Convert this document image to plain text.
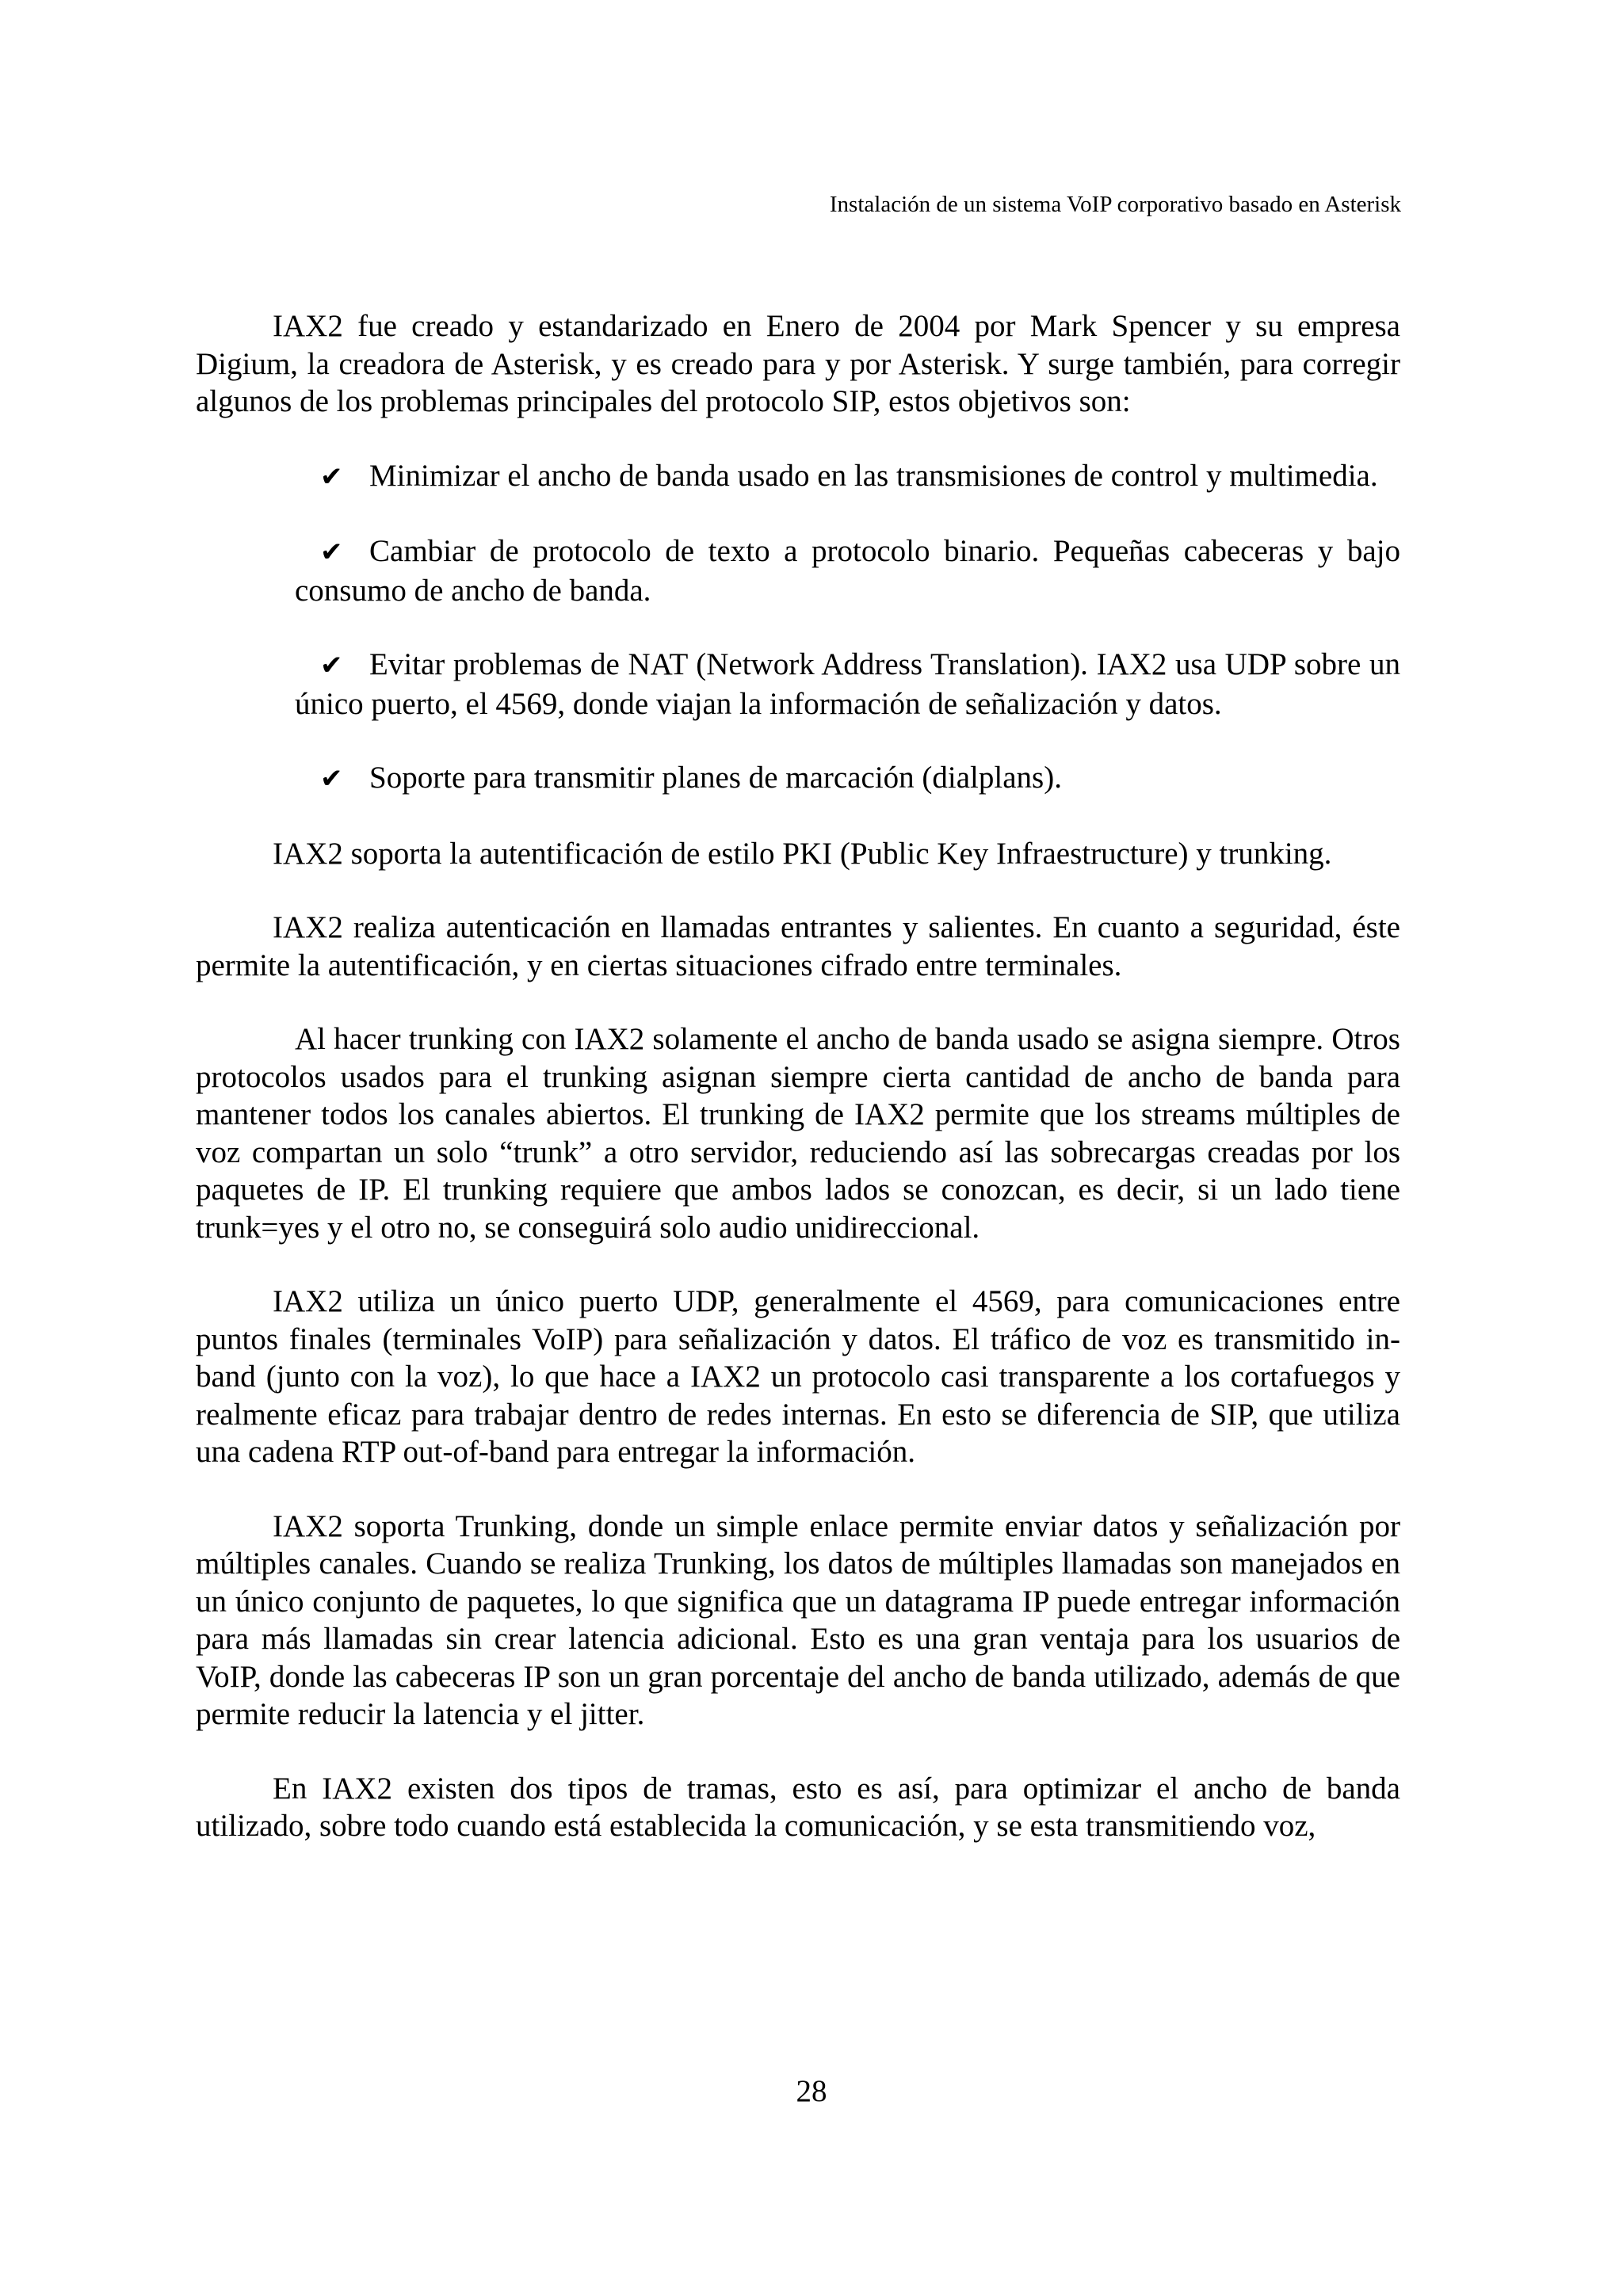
Instalación de un sistema VoIP corporativo basado en Asterisk

IAX2 fue creado y estandarizado en Enero de 2004 por Mark Spencer y su empresa Digium, la creadora de Asterisk, y es creado para y por Asterisk. Y surge también, para corregir algunos de los problemas principales del protocolo SIP, estos objetivos son:

✔ Minimizar el ancho de banda usado en las transmisiones de control y multimedia.
✔ Cambiar de protocolo de texto a protocolo binario. Pequeñas cabeceras y bajo consumo de ancho de banda.
✔ Evitar problemas de NAT (Network Address Translation). IAX2 usa UDP sobre un único puerto, el 4569, donde viajan la información de señalización y datos.
✔ Soporte para transmitir planes de marcación (dialplans).

IAX2 soporta la autentificación de estilo PKI (Public Key Infraestructure) y trunking.

IAX2 realiza autenticación en llamadas entrantes y salientes. En cuanto a seguridad, éste permite la autentificación, y en ciertas situaciones cifrado entre terminales.

Al hacer trunking con IAX2 solamente el ancho de banda usado se asigna siempre. Otros protocolos usados para el trunking asignan siempre cierta cantidad de ancho de banda para mantener todos los canales abiertos. El trunking de IAX2 permite que los streams múltiples de voz compartan un solo “trunk” a otro servidor, reduciendo así las sobrecargas creadas por los paquetes de IP. El trunking requiere que ambos lados se conozcan, es decir, si un lado tiene trunk=yes y el otro no, se conseguirá solo audio unidireccional.

IAX2 utiliza un único puerto UDP, generalmente el 4569, para comunicaciones entre puntos finales (terminales VoIP) para señalización y datos. El tráfico de voz es transmitido in-band (junto con la voz), lo que hace a IAX2 un protocolo casi transparente a los cortafuegos y realmente eficaz para trabajar dentro de redes internas. En esto se diferencia de SIP, que utiliza una cadena RTP out-of-band para entregar la información.

IAX2 soporta Trunking, donde un simple enlace permite enviar datos y señalización por múltiples canales. Cuando se realiza Trunking, los datos de múltiples llamadas son manejados en un único conjunto de paquetes, lo que significa que un datagrama IP puede entregar información para más llamadas sin crear latencia adicional. Esto es una gran ventaja para los usuarios de VoIP, donde las cabeceras IP son un gran porcentaje del ancho de banda utilizado, además de que permite reducir la latencia y el jitter.

En IAX2 existen dos tipos de tramas, esto es así, para optimizar el ancho de banda utilizado, sobre todo cuando está establecida la comunicación, y se esta transmitiendo voz,

28
